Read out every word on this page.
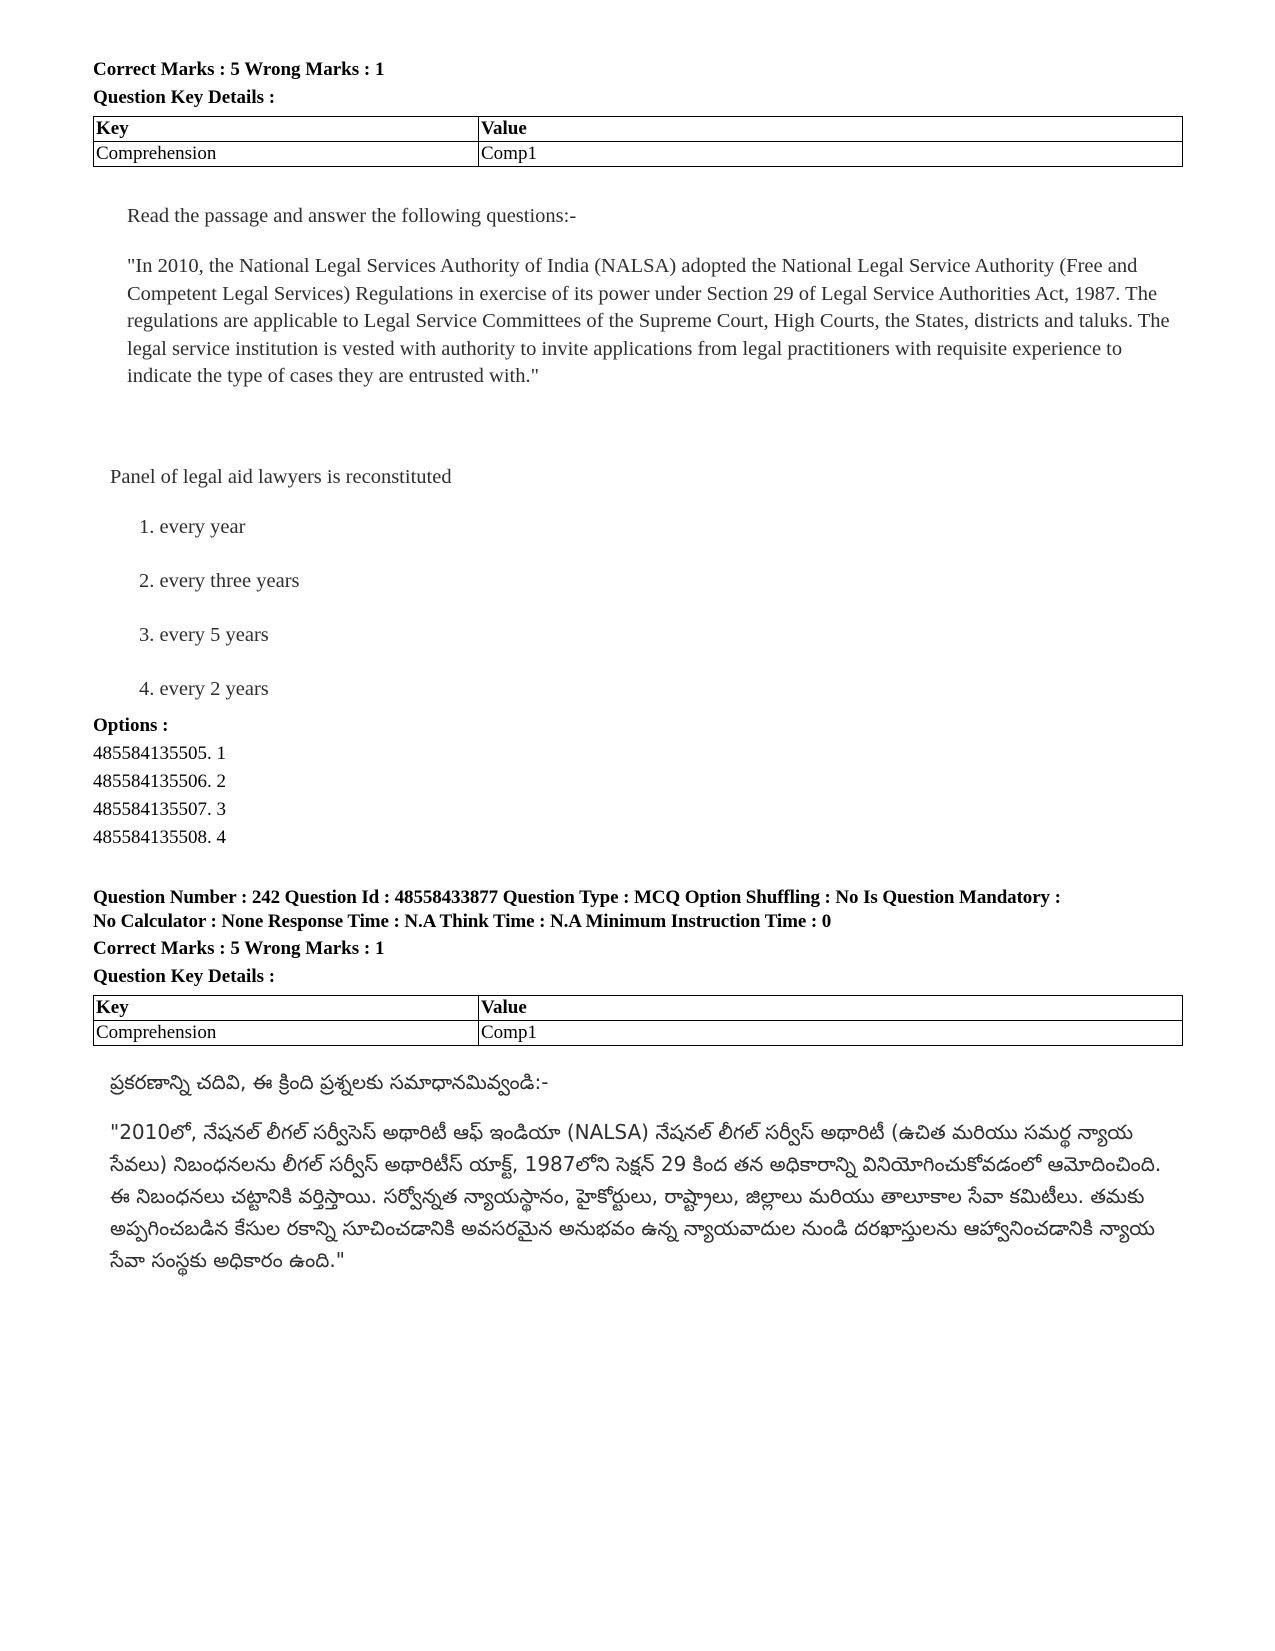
Correct Marks : 5 Wrong Marks : 1
Question Key Details :
Key	Value
Comprehension	Comp1
Read the passage and answer the following questions:-

"In 2010, the National Legal Services Authority of India (NALSA) adopted the National Legal Service Authority (Free and Competent Legal Services) Regulations in exercise of its power under Section 29 of Legal Service Authorities Act, 1987. The regulations are applicable to Legal Service Committees of the Supreme Court, High Courts, the States, districts and taluks. The legal service institution is vested with authority to invite applications from legal practitioners with requisite experience to indicate the type of cases they are entrusted with."

Panel of legal aid lawyers is reconstituted
1. every year
2. every three years
3. every 5 years
4. every 2 years
Options :
485584135505. 1
485584135506. 2
485584135507. 3
485584135508. 4
Question Number : 242 Question Id : 48558433877 Question Type : MCQ Option Shuffling : No Is Question Mandatory :
No Calculator : None Response Time : N.A Think Time : N.A Minimum Instruction Time : 0
Correct Marks : 5 Wrong Marks : 1
Question Key Details :
Key	Value
Comprehension	Comp1
ప్రకరణాన్ని చదివి, ఈ క్రింది ప్రశ్నలకు సమాధానమివ్వండి:-
"2010లో, నేషనల్ లీగల్ సర్వీసెస్ అథారిటీ ఆఫ్ ఇండియా (NALSA) నేషనల్ లీగల్ సర్వీస్ అథారిటీ (ఉచిత మరియు సమర్థ న్యాయ సేవలు) నిబంధనలను లీగల్ సర్వీస్ అథారిటీస్ యాక్ట్, 1987లోని సెక్షన్ 29 కింద తన అధికారాన్ని వినియోగించుకోవడంలో ఆమోదించింది. ఈ నిబంధనలు చట్టానికి వర్తిస్తాయి. సర్వోన్నత న్యాయస్థానం, హైకోర్టులు, రాష్ట్రాలు, జిల్లాలు మరియు తాలూకాల సేవా కమిటీలు. తమకు అప్పగించబడిన కేసుల రకాన్ని సూచించడానికి అవసరమైన అనుభవం ఉన్న న్యాయవాదుల నుండి దరఖాస్తులను ఆహ్వానించడానికి న్యాయ సేవా సంస్థకు అధికారం ఉంది."
